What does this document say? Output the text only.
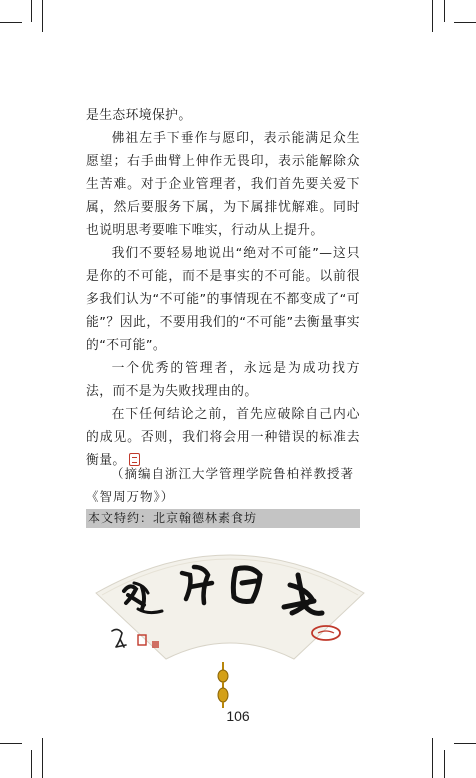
是生态环境保护。

佛祖左手下垂作与愿印，表示能满足众生愿望；右手曲臂上伸作无畏印，表示能解除众生苦难。对于企业管理者，我们首先要关爱下属，然后要服务下属，为下属排忧解难。同时也说明思考要唯下唯实，行动从上提升。

我们不要轻易地说出“绝对不可能”—这只是你的不可能，而不是事实的不可能。以前很多我们认为“不可能”的事情现在不都变成了“可能”？因此，不要用我们的“不可能”去衡量事实的“不可能”。

一个优秀的管理者，永远是为成功找方法，而不是为失败找理由的。

在下任何结论之前，首先应破除自己内心的成见。否则，我们将会用一种错误的标准去衡量。

（摘编自浙江大学管理学院鲁柏祥教授著《智周万物》）

本文特约：北京翰德林素食坊
106
